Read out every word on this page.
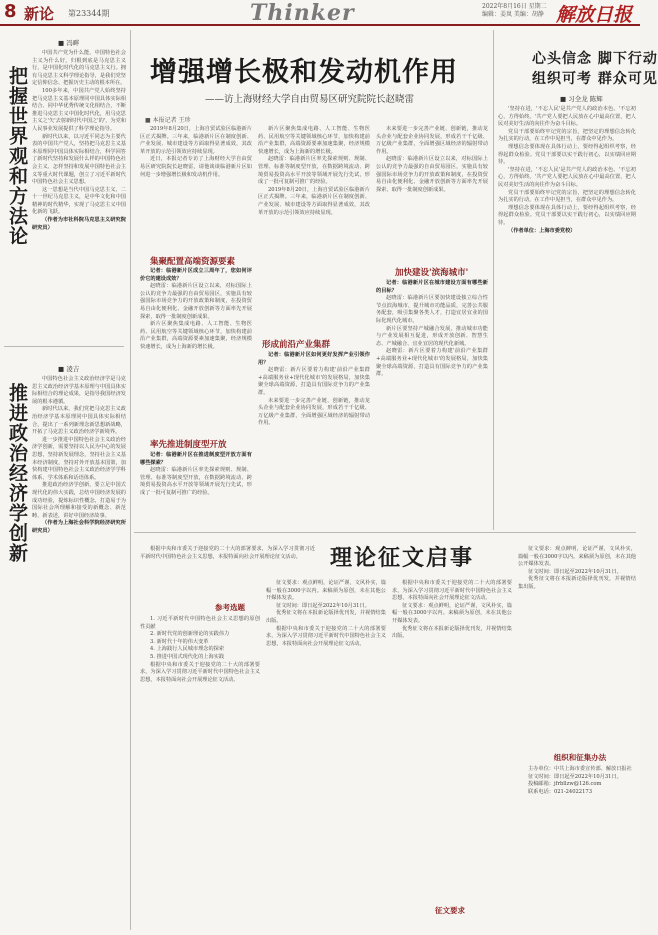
8 新论 第23344期	Thinker	2022年8月16日 星期二
编辑：姜岚 美编：胡静 解放日报
把握世界观和方法论
■ 冯畔

中国共产党为什么能，中国特色社会主义为什么好，归根到底是马克思主义行，是中国化时代化的马克思主义行。拥有马克思主义科学理论指导，是我们党坚定信仰信念、把握历史主动的根本所在。

100多年来，中国共产党人始终坚持把马克思主义基本原理同中国具体实际相结合、同中华优秀传统文化相结合，不断推进马克思主义中国化时代化，用马克思主义之'矢'去射新时代中国之'的'，为党和人民事业发展提供了科学理论指导。

新时代以来，以习近平同志为主要代表的中国共产党人，坚持把马克思主义基本原理同中国具体实际相结合，科学回答了新时代坚持和发展什么样的中国特色社会主义、怎样坚持和发展中国特色社会主义等重大时代课题，创立了习近平新时代中国特色社会主义思想。

这一思想是当代中国马克思主义、二十一世纪马克思主义，是中华文化和中国精神的时代精华，实现了马克思主义中国化新的飞跃。

（作者为市社科院马克思主义研究院研究员）

推进政治经济学创新
■ 凌吉

中国特色社会主义政治经济学是马克思主义政治经济学基本原理与中国具体实际相结合的理论成果，是指导我国经济发展的根本遵循。

新时代以来，我们党把马克思主义政治经济学基本原理同中国具体实际相结合，提出了一系列新理念新思想新战略，开拓了马克思主义政治经济学新境界。

进一步推进中国特色社会主义政治经济学创新，需要坚持以人民为中心的发展思想，坚持新发展理念，坚持社会主义基本经济制度，坚持对外开放基本国策，加快构建中国特色社会主义政治经济学学科体系、学术体系和话语体系。

推进政治经济学创新，要立足中国式现代化的伟大实践，总结中国经济发展的成功经验，提炼标识性概念，打造易于为国际社会所理解和接受的新概念、新范畴、新表述，讲好中国经济故事。

（作者为上海社会科学院经济研究所研究员）

增强增长极和发动机作用
——访上海财经大学自由贸易区研究院院长赵晓雷
■ 本报记者 王珍

2019年8月20日，上海自贸试验区临港新片区正式揭牌。三年来，临港新片区在制度创新、产业发展、城市建设等方面取得显著成效，其改革开放的示范引领效应持续显现。

近日，本报记者专访了上海财经大学自由贸易区研究院院长赵晓雷，请他谈谈临港新片区如何进一步增强增长极和发动机作用。

集聚配置高端资源要素

记者：临港新片区成立三周年了，您如何评价它的建设成效？

赵晓雷：临港新片区设立以来，对标国际上公认的竞争力最强的自由贸易园区，实施具有较强国际市场竞争力的开放政策和制度，在投资贸易自由化便利化、金融开放创新等方面率先开展探索，取得一批制度创新成果。

新片区聚焦集成电路、人工智能、生物医药、民用航空等关键领域核心环节，加快构建前沿产业集群，高端资源要素加速集聚，经济规模快速增长，成为上海新的增长极。

率先推进制度型开放

记者：临港新片区在推进制度型开放方面有哪些探索？

赵晓雷：临港新片区率先探索规则、规制、管理、标准等制度型开放，在数据跨境流动、跨境贸易投资高水平开放等领域开展先行先试，形成了一批可复制可推广的经验。

新片区聚焦集成电路、人工智能、生物医药、民用航空等关键领域核心环节，加快构建前沿产业集群，高端资源要素加速集聚，经济规模快速增长，成为上海新的增长极。

赵晓雷：临港新片区率先探索规则、规制、管理、标准等制度型开放，在数据跨境流动、跨境贸易投资高水平开放等领域开展先行先试，形成了一批可复制可推广的经验。

2019年8月20日，上海自贸试验区临港新片区正式揭牌。三年来，临港新片区在制度创新、产业发展、城市建设等方面取得显著成效，其改革开放的示范引领效应持续显现。

形成前沿产业集群

记者：临港新片区如何更好发挥产业引领作用？

赵晓雷：新片区要着力构建'前沿产业集群+高端服务业+现代化城市'的发展格局，加快集聚全球高端资源，打造具有国际竞争力的产业集群。

未来要进一步完善产业链、创新链，推动龙头企业与配套企业协同发展，形成若干千亿级、万亿级产业集群，全面增强区域经济的辐射带动作用。

未来要进一步完善产业链、创新链，推动龙头企业与配套企业协同发展，形成若干千亿级、万亿级产业集群，全面增强区域经济的辐射带动作用。

赵晓雷：临港新片区设立以来，对标国际上公认的竞争力最强的自由贸易园区，实施具有较强国际市场竞争力的开放政策和制度，在投资贸易自由化便利化、金融开放创新等方面率先开展探索，取得一批制度创新成果。

加快建设'滨海城市'

记者：临港新片区在城市建设方面有哪些新的目标？

赵晓雷：临港新片区要加快建设独立综合性节点滨海城市，提升城市功能品质，完善公共服务配套，吸引集聚各类人才，打造宜居宜业的国际化现代化城市。

新片区要坚持产城融合发展，推动城市功能与产业发展相互促进，形成开放创新、智慧生态、产城融合、宜业宜居的现代化新城。

赵晓雷：新片区要着力构建'前沿产业集群+高端服务业+现代化城市'的发展格局，加快集聚全球高端资源，打造具有国际竞争力的产业集群。

心头信念 脚下行动
组织可考 群众可见
■ 习全龙 陈辉

'坚持在进，'不忘人民'是共产党人的政治本色。'不忘初心，方得始终。'共产党人要把人民放在心中最高位置，把人民对美好生活的向往作为奋斗目标。

党员干部要始终牢记党的宗旨，把坚定的理想信念转化为扎实的行动，在工作中见担当，在群众中见作为。

理想信念要体现在具体行动上，要经得起组织考察，经得起群众检验。党员干部要以实干践行初心，以实绩回应期待。

'坚持在进，'不忘人民'是共产党人的政治本色。'不忘初心，方得始终。'共产党人要把人民放在心中最高位置，把人民对美好生活的向往作为奋斗目标。

党员干部要始终牢记党的宗旨，把坚定的理想信念转化为扎实的行动，在工作中见担当，在群众中见作为。

理想信念要体现在具体行动上，要经得起组织考察，经得起群众检验。党员干部要以实干践行初心，以实绩回应期待。

（作者单位：上海市委党校）

理论征文启事

根据中央和市委关于迎接党的二十大的部署要求，为深入学习贯彻习近平新时代中国特色社会主义思想，本报特面向社会开展理论征文活动。

参考选题

1. 习近平新时代中国特色社会主义思想的原创性贡献

2. 新时代党的创新理论的实践伟力

3. 新时代十年的伟大变革

4. 上海践行人民城市理念的探索

5. 推进中国式现代化的上海实践

根据中央和市委关于迎接党的二十大的部署要求，为深入学习贯彻习近平新时代中国特色社会主义思想，本报特面向社会开展理论征文活动。

征文要求：观点鲜明，论证严谨，文风朴实，篇幅一般在3000字以内。来稿须为原创，未在其他公开媒体发表。

征文时间：即日起至2022年10月31日。

优秀征文将在本报新论版择优刊发，并视情结集出版。

根据中央和市委关于迎接党的二十大的部署要求，为深入学习贯彻习近平新时代中国特色社会主义思想，本报特面向社会开展理论征文活动。

根据中央和市委关于迎接党的二十大的部署要求，为深入学习贯彻习近平新时代中国特色社会主义思想，本报特面向社会开展理论征文活动。

征文要求：观点鲜明，论证严谨，文风朴实，篇幅一般在3000字以内。来稿须为原创，未在其他公开媒体发表。

优秀征文将在本报新论版择优刊发，并视情结集出版。

征文要求

征文要求：观点鲜明，论证严谨，文风朴实，篇幅一般在3000字以内。来稿须为原创，未在其他公开媒体发表。

征文时间：即日起至2022年10月31日。

优秀征文将在本报新论版择优刊发，并视情结集出版。

组织和征集办法

主办单位：中共上海市委宣传部、解放日报社

征文时间：即日起至2022年10月31日。

投稿邮箱：jfrbllzw@126.com

联系电话：021-24022173
